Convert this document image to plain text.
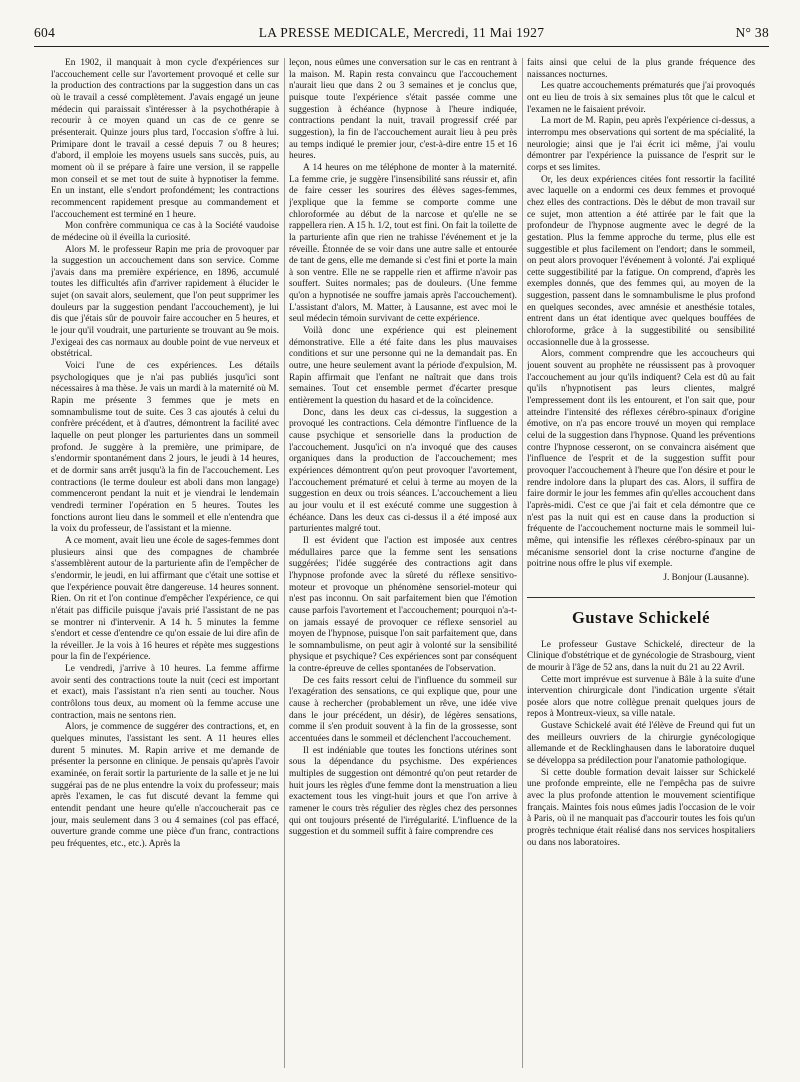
604	LA PRESSE MEDICALE, Mercredi, 11 Mai 1927	N° 38

En 1902, il manquait à mon cycle d'expériences sur l'accouchement celle sur l'avortement provoqué et celle sur la production des contractions par la suggestion dans un cas où le travail a cessé complètement. J'avais engagé un jeune médecin qui paraissait s'intéresser à la psychothérapie à recourir à ce moyen quand un cas de ce genre se présenterait. Quinze jours plus tard, l'occasion s'offre à lui. Primipare dont le travail a cessé depuis 7 ou 8 heures; d'abord, il emploie les moyens usuels sans succès, puis, au moment où il se prépare à faire une version, il se rappelle mon conseil et se met tout de suite à hypnotiser la femme. En un instant, elle s'endort profondément; les contractions recommencent rapidement presque au commandement et l'accouchement est terminé en 1 heure.

Mon confrère communiqua ce cas à la Société vaudoise de médecine où il éveilla la curiosité.

Alors M. le professeur Rapin me pria de provoquer par la suggestion un accouchement dans son service. Comme j'avais dans ma première expérience, en 1896, accumulé toutes les difficultés afin d'arriver rapidement à élucider le sujet (on savait alors, seulement, que l'on peut supprimer les douleurs par la suggestion pendant l'accouchement), je lui dis que j'étais sûr de pouvoir faire accoucher en 5 heures, et le jour qu'il voudrait, une parturiente se trouvant au 9e mois. J'exigeai des cas normaux au double point de vue nerveux et obstétrical.

Voici l'une de ces expériences. Les détails psychologiques que je n'ai pas publiés jusqu'ici sont nécessaires à ma thèse. Je vais un mardi à la maternité où M. Rapin me présente 3 femmes que je mets en somnambulisme tout de suite. Ces 3 cas ajoutés à celui du confrère précédent, et à d'autres, démontrent la facilité avec laquelle on peut plonger les parturientes dans un sommeil profond. Je suggère à la première, une primipare, de s'endormir spontanément dans 2 jours, le jeudi à 14 heures, et de dormir sans arrêt jusqu'à la fin de l'accouchement. Les contractions (le terme douleur est aboli dans mon langage) commenceront pendant la nuit et je viendrai le lendemain vendredi terminer l'opération en 5 heures. Toutes les fonctions auront lieu dans le sommeil et elle n'entendra que la voix du professeur, de l'assistant et la mienne.

A ce moment, avait lieu une école de sages-femmes dont plusieurs ainsi que des compagnes de chambrée s'assemblèrent autour de la parturiente afin de l'empêcher de s'endormir, le jeudi, en lui affirmant que c'était une sottise et que l'expérience pouvait être dangereuse. 14 heures sonnent. Rien. On rit et l'on continue d'empêcher l'expérience, ce qui n'était pas difficile puisque j'avais prié l'assistant de ne pas se montrer ni d'intervenir. A 14 h. 5 minutes la femme s'endort et cesse d'entendre ce qu'on essaie de lui dire afin de la réveiller. Je la vois à 16 heures et répète mes suggestions pour la fin de l'expérience.

Le vendredi, j'arrive à 10 heures. La femme affirme avoir senti des contractions toute la nuit (ceci est important et exact), mais l'assistant n'a rien senti au toucher. Nous contrôlons tous deux, au moment où la femme accuse une contraction, mais ne sentons rien.

Alors, je commence de suggérer des contractions, et, en quelques minutes, l'assistant les sent. A 11 heures elles durent 5 minutes. M. Rapin arrive et me demande de présenter la personne en clinique. Je pensais qu'après l'avoir examinée, on ferait sortir la parturiente de la salle et je ne lui suggérai pas de ne plus entendre la voix du professeur; mais après l'examen, le cas fut discuté devant la femme qui entendit pendant une heure qu'elle n'accoucherait pas ce jour, mais seulement dans 3 ou 4 semaines (col pas effacé, ouverture grande comme une pièce d'un franc, contractions peu fréquentes, etc., etc.). Après la

leçon, nous eûmes une conversation sur le cas en rentrant à la maison. M. Rapin resta convaincu que l'accouchement n'aurait lieu que dans 2 ou 3 semaines et je conclus que, puisque toute l'expérience s'était passée comme une suggestion à échéance (hypnose à l'heure indiquée, contractions pendant la nuit, travail progressif créé par suggestion), la fin de l'accouchement aurait lieu à peu près au temps indiqué le premier jour, c'est-à-dire entre 15 et 16 heures.

A 14 heures on me téléphone de monter à la maternité. La femme crie, je suggère l'insensibilité sans réussir et, afin de faire cesser les sourires des élèves sages-femmes, j'explique que la femme se comporte comme une chloroformée au début de la narcose et qu'elle ne se rappellera rien. A 15 h. 1/2, tout est fini. On fait la toilette de la parturiente afin que rien ne trahisse l'événement et je la réveille. Étonnée de se voir dans une autre salle et entourée de tant de gens, elle me demande si c'est fini et porte la main à son ventre. Elle ne se rappelle rien et affirme n'avoir pas souffert. Suites normales; pas de douleurs. (Une femme qu'on a hypnotisée ne souffre jamais après l'accouchement). L'assistant d'alors, M. Matter, à Lausanne, est avec moi le seul médecin témoin survivant de cette expérience.

Voilà donc une expérience qui est pleinement démonstrative. Elle a été faite dans les plus mauvaises conditions et sur une personne qui ne la demandait pas. En outre, une heure seulement avant la période d'expulsion, M. Rapin affirmait que l'enfant ne naîtrait que dans trois semaines. Tout cet ensemble permet d'écarter presque entièrement la question du hasard et de la coïncidence.

Donc, dans les deux cas ci-dessus, la suggestion a provoqué les contractions. Cela démontre l'influence de la cause psychique et sensorielle dans la production de l'accouchement. Jusqu'ici on n'a invoqué que des causes organiques dans la production de l'accouchement; mes expériences démontrent qu'on peut provoquer l'avortement, l'accouchement prématuré et celui à terme au moyen de la suggestion en deux ou trois séances. L'accouchement a lieu au jour voulu et il est exécuté comme une suggestion à échéance. Dans les deux cas ci-dessus il a été imposé aux parturientes malgré tout.

Il est évident que l'action est imposée aux centres médullaires parce que la femme sent les sensations suggérées; l'idée suggérée des contractions agit dans l'hypnose profonde avec la sûreté du réflexe sensitivo-moteur et provoque un phénomène sensoriel-moteur qui n'est pas inconnu. On sait parfaitement bien que l'émotion cause parfois l'avortement et l'accouchement; pourquoi n'a-t-on jamais essayé de provoquer ce réflexe sensoriel au moyen de l'hypnose, puisque l'on sait parfaitement que, dans le somnambulisme, on peut agir à volonté sur la sensibilité physique et psychique? Ces expériences sont par conséquent la contre-épreuve de celles spontanées de l'observation.

De ces faits ressort celui de l'influence du sommeil sur l'exagération des sensations, ce qui explique que, pour une cause à rechercher (probablement un rêve, une idée vive dans le jour précédent, un désir), de légères sensations, comme il s'en produit souvent à la fin de la grossesse, sont accentuées dans le sommeil et déclenchent l'accouchement.

Il est indéniable que toutes les fonctions utérines sont sous la dépendance du psychisme. Des expériences multiples de suggestion ont démontré qu'on peut retarder de huit jours les règles d'une femme dont la menstruation a lieu exactement tous les vingt-huit jours et que l'on arrive à ramener le cours très régulier des règles chez des personnes qui ont toujours présenté de l'irrégularité. L'influence de la suggestion et du sommeil suffit à faire comprendre ces

faits ainsi que celui de la plus grande fréquence des naissances nocturnes.

Les quatre accouchements prématurés que j'ai provoqués ont eu lieu de trois à six semaines plus tôt que le calcul et l'examen ne le faisaient prévoir.

La mort de M. Rapin, peu après l'expérience ci-dessus, a interrompu mes observations qui sortent de ma spécialité, la neurologie; ainsi que je l'ai écrit ici même, j'ai voulu démontrer par l'expérience la puissance de l'esprit sur le corps et ses limites.

Or, les deux expériences citées font ressortir la facilité avec laquelle on a endormi ces deux femmes et provoqué chez elles des contractions. Dès le début de mon travail sur ce sujet, mon attention a été attirée par le fait que la profondeur de l'hypnose augmente avec le degré de la gestation. Plus la femme approche du terme, plus elle est suggestible et plus facilement on l'endort; dans le sommeil, on peut alors provoquer l'événement à volonté. J'ai expliqué cette suggestibilité par la fatigue. On comprend, d'après les exemples donnés, que des femmes qui, au moyen de la suggestion, passent dans le somnambulisme le plus profond en quelques secondes, avec amnésie et anesthésie totales, entrent dans un état identique avec quelques bouffées de chloroforme, grâce à la suggestibilité ou sensibilité occasionnelle due à la grossesse.

Alors, comment comprendre que les accoucheurs qui jouent souvent au prophète ne réussissent pas à provoquer l'accouchement au jour qu'ils indiquent? Cela est dû au fait qu'ils n'hypnotisent pas leurs clientes, malgré l'empressement dont ils les entourent, et l'on sait que, pour atteindre l'intensité des réflexes cérébro-spinaux d'origine émotive, on n'a pas encore trouvé un moyen qui remplace celui de la suggestion dans l'hypnose. Quand les préventions contre l'hypnose cesseront, on se convaincra aisément que l'influence de l'esprit et de la suggestion suffit pour provoquer l'accouchement à l'heure que l'on désire et pour le rendre indolore dans la plupart des cas. Alors, il suffira de faire dormir le jour les femmes afin qu'elles accouchent dans l'après-midi. C'est ce que j'ai fait et cela démontre que ce n'est pas la nuit qui est en cause dans la production si fréquente de l'accouchement nocturne mais le sommeil lui-même, qui intensifie les réflexes cérébro-spinaux par un mécanisme sensoriel dont la crise nocturne d'angine de poitrine nous offre le plus vif exemple.

J. Bonjour (Lausanne).

Gustave Schickelé

Le professeur Gustave Schickelé, directeur de la Clinique d'obstétrique et de gynécologie de Strasbourg, vient de mourir à l'âge de 52 ans, dans la nuit du 21 au 22 Avril.

Cette mort imprévue est survenue à Bâle à la suite d'une intervention chirurgicale dont l'indication urgente s'était posée alors que notre collègue prenait quelques jours de repos à Montreux-vieux, sa ville natale.

Gustave Schickelé avait été l'élève de Freund qui fut un des meilleurs ouvriers de la chirurgie gynécologique allemande et de Recklinghausen dans le laboratoire duquel se développa sa prédilection pour l'anatomie pathologique.

Si cette double formation devait laisser sur Schickelé une profonde empreinte, elle ne l'empêcha pas de suivre avec la plus profonde attention le mouvement scientifique français. Maintes fois nous eûmes jadis l'occasion de le voir à Paris, où il ne manquait pas d'accourir toutes les fois qu'un progrès technique était réalisé dans nos services hospitaliers ou dans nos laboratoires.
